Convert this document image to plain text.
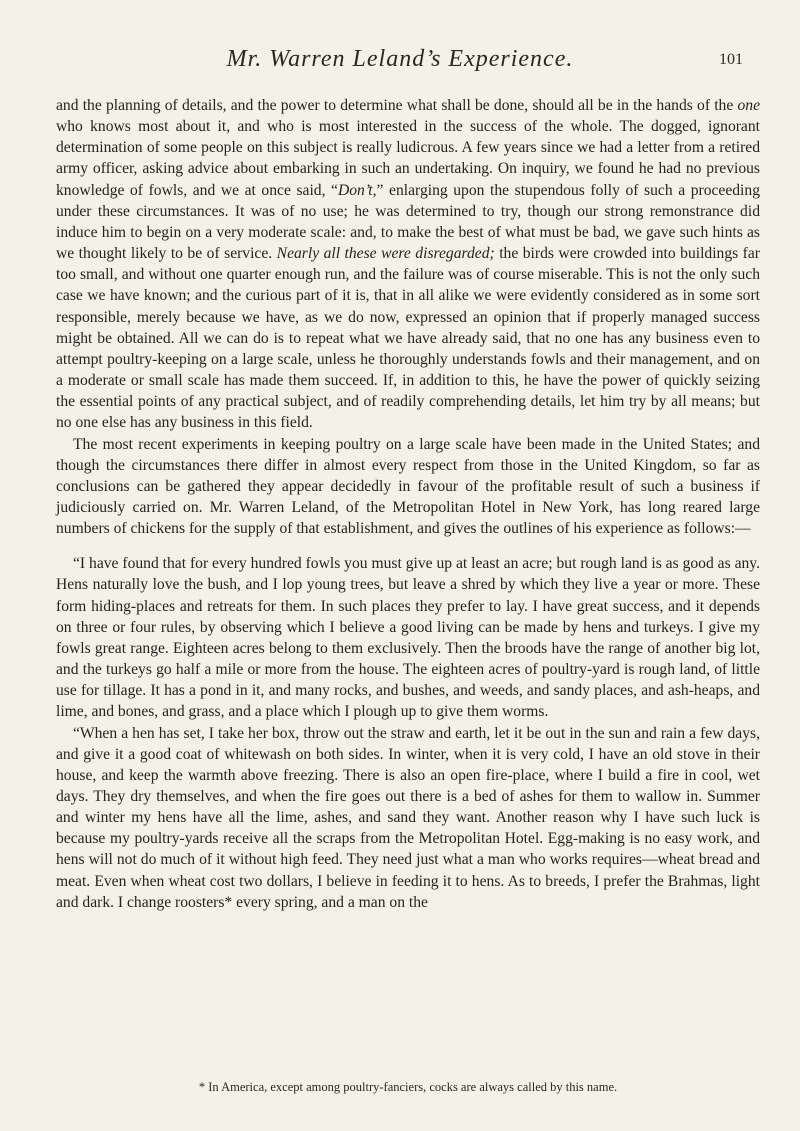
Mr. Warren Leland’s Experience.	101

and the planning of details, and the power to determine what shall be done, should all be in the hands of the one who knows most about it, and who is most interested in the success of the whole. The dogged, ignorant determination of some people on this subject is really ludicrous. A few years since we had a letter from a retired army officer, asking advice about embarking in such an undertaking. On inquiry, we found he had no previous knowledge of fowls, and we at once said, “Don’t,” enlarging upon the stupendous folly of such a proceeding under these circumstances. It was of no use; he was determined to try, though our strong remonstrance did induce him to begin on a very moderate scale: and, to make the best of what must be bad, we gave such hints as we thought likely to be of service. Nearly all these were disregarded; the birds were crowded into buildings far too small, and without one quarter enough run, and the failure was of course miserable. This is not the only such case we have known; and the curious part of it is, that in all alike we were evidently considered as in some sort responsible, merely because we have, as we do now, expressed an opinion that if properly managed success might be obtained. All we can do is to repeat what we have already said, that no one has any business even to attempt poultry-keeping on a large scale, unless he thoroughly understands fowls and their management, and on a moderate or small scale has made them succeed. If, in addition to this, he have the power of quickly seizing the essential points of any practical subject, and of readily comprehending details, let him try by all means; but no one else has any business in this field.

The most recent experiments in keeping poultry on a large scale have been made in the United States; and though the circumstances there differ in almost every respect from those in the United Kingdom, so far as conclusions can be gathered they appear decidedly in favour of the profitable result of such a business if judiciously carried on. Mr. Warren Leland, of the Metropolitan Hotel in New York, has long reared large numbers of chickens for the supply of that establishment, and gives the outlines of his experience as follows:—

“I have found that for every hundred fowls you must give up at least an acre; but rough land is as good as any. Hens naturally love the bush, and I lop young trees, but leave a shred by which they live a year or more. These form hiding-places and retreats for them. In such places they prefer to lay. I have great success, and it depends on three or four rules, by observing which I believe a good living can be made by hens and turkeys. I give my fowls great range. Eighteen acres belong to them exclusively. Then the broods have the range of another big lot, and the turkeys go half a mile or more from the house. The eighteen acres of poultry-yard is rough land, of little use for tillage. It has a pond in it, and many rocks, and bushes, and weeds, and sandy places, and ash-heaps, and lime, and bones, and grass, and a place which I plough up to give them worms.

“When a hen has set, I take her box, throw out the straw and earth, let it be out in the sun and rain a few days, and give it a good coat of whitewash on both sides. In winter, when it is very cold, I have an old stove in their house, and keep the warmth above freezing. There is also an open fire-place, where I build a fire in cool, wet days. They dry themselves, and when the fire goes out there is a bed of ashes for them to wallow in. Summer and winter my hens have all the lime, ashes, and sand they want. Another reason why I have such luck is because my poultry-yards receive all the scraps from the Metropolitan Hotel. Egg-making is no easy work, and hens will not do much of it without high feed. They need just what a man who works requires—wheat bread and meat. Even when wheat cost two dollars, I believe in feeding it to hens. As to breeds, I prefer the Brahmas, light and dark. I change roosters* every spring, and a man on the

* In America, except among poultry-fanciers, cocks are always called by this name.
